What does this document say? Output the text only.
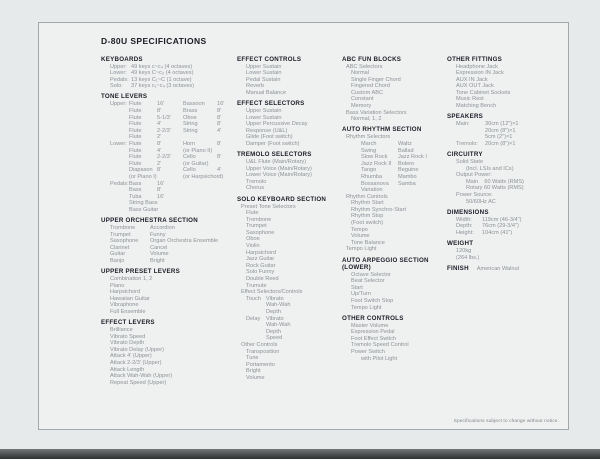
D-80U SPECIFICATIONS
KEYBOARDS
Upper: 49 keys c~c₄ (4 octaves)
Lower: 49 keys C~c₃ (4 octaves)
Pedals: 13 keys C₁~C (1 octave)
Solo:	37 keys c₁~c₄ (3 octaves)
TONE LEVERS
Upper: Flute	16'	Bassoon	16'
Flute	8'	Brass	8'
Flute	5-1/3'	Oboe	8'
Flute	4'	String	8'
Flute	2-2/3'	String	4'
Flute	2'
Lower: Flute	8'	Horn	8'
Flute	4'	(or Piano II)
Flute	2-2/3'	Cello	8'
Flute	2'	(or Guitar)
Diapason 8'	Cello	4'
(or Piano I)	(or Harpsichord)
Pedals: Bass	16'
Bass	8'
Tuba	16'
String Bass
Bass Guitar
UPPER ORCHESTRA SECTION
Trombone	Accordion
Trumpet	Funny
Saxophone	Organ Orchestra Ensemble
Clarinet	Cancel
Guitar	Volume
Banjo	Bright
UPPER PRESET LEVERS
Combination 1, 2
Piano
Harpsichord
Hawaiian Guitar
Vibraphone
Full Ensemble
EFFECT LEVERS
Brilliance
Vibrato Speed
Vibrato Depth
Vibrato Delay (Upper)
Attack 4' (Upper)
Attack 2-2/3' (Upper)
Attack Length
Attack Wah-Wah (Upper)
Repeat Speed (Upper)
EFFECT CONTROLS
Upper Sustain
Lower Sustain
Pedal Sustain
Reverb
Manual Balance
EFFECT SELECTORS
Upper Sustain
Lower Sustain
Upper Percussive Decay
Response (U&L)
Glide (Foot switch)
Damper (Foot switch)
TREMOLO SELECTORS
U&L Flute (Main/Rotary)
Upper Voice (Main/Rotary)
Lower Voice (Main/Rotary)
Tremolo
Chorus
SOLO KEYBOARD SECTION
Preset Tone Selectors
Flute
Trombone
Trumpet
Saxophone
Oboe
Violin
Harpsichord
Jazz Guitar
Rock Guitar
Solo Funny
Double Reed
Trumute
Effect Selectors/Controls
Touch Vibrato
Wah-Wah
Depth
Delay	Vibrato
Wah-Wah
Depth
Speed
Other Controls
Transposition
Tune
Portamento
Bright
Volume
ABC FUN BLOCKS
ABC Selectors
Normal
Single Finger Chord
Fingered Chord
Custom ABC
Constant
Memory
Bass Variation Selectors
Normal, 1, 2
AUTO RHYTHM SECTION
Rhythm Selectors
March	Waltz
Swing	Ballad
Slow Rock	Jazz Rock I
Jazz Rock II	Bolero
Tango	Beguine
Rhumba	Mambo
Bossanova	Samba
Variation
Rhythm Controls
Rhythm Start
Rhythm Synchro-Start
Rhythm Stop
(Foot switch)
Tempo
Volume
Tone Balance
Tempo Light
AUTO ARPEGGIO SECTION (LOWER)
Octave Selector
Beat Selector
Start
Up/Turn
Foot Switch Stop
Tempo Light
OTHER CONTROLS
Master Volume
Expression Pedal
Foot Effect Switch
Tremolo Speed Control
Power Switch
with Pilot Light
OTHER FITTINGS
Headphone Jack
Expression IN Jack
AUX IN Jack
AUX OUT Jack
Tone Cabinet Sockets
Music Rest
Matching Bench
SPEAKERS
Main:	30cm (12")×1
20cm (8")×1
5cm (2")×1
Tremolo:	20cm (8")×1
CIRCUITRY
Solid State
(Incl. LSIs and ICs)
Output Power:
Main    60 Watts (RMS)
Rotary 60 Watts (RMS)
Power Source:
50/60Hz AC
DIMENSIONS
Width:	119cm (46-3/4")
Depth:	76cm (29-3/4")
Height:	104cm (41")
WEIGHT
120kg
(264 lbs.)
FINISH American Walnut
Specifications subject to change without notice.
